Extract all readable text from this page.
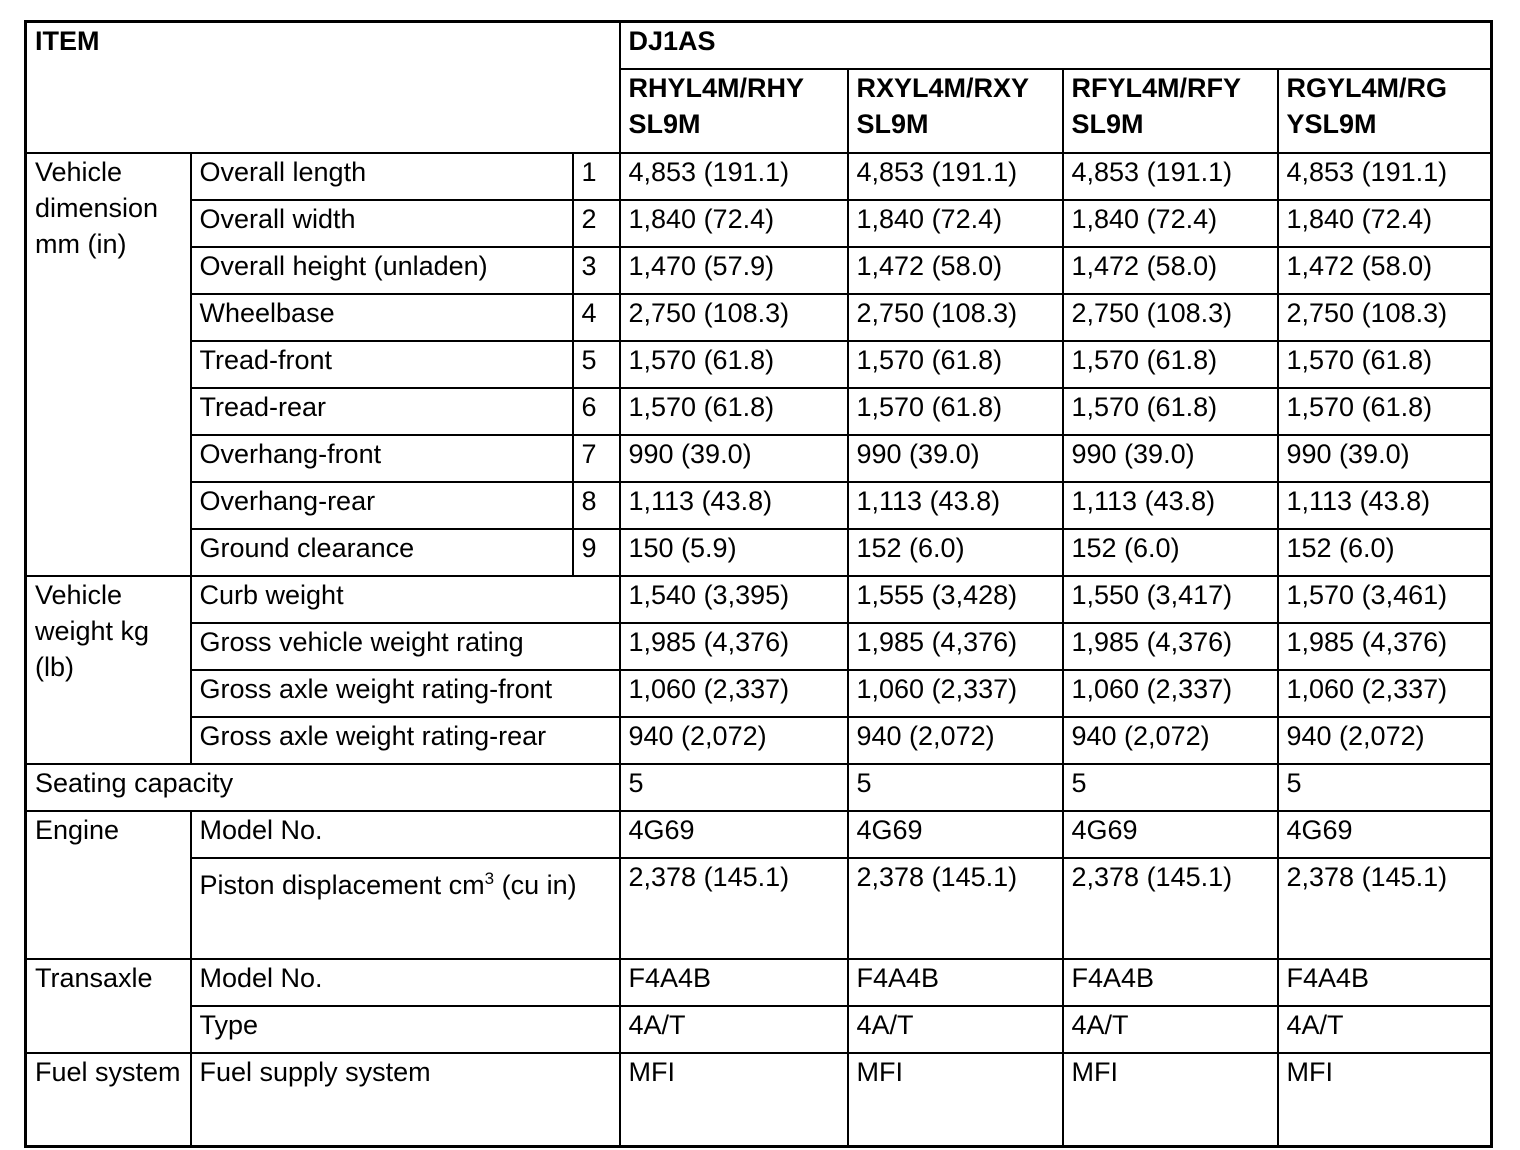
ITEM			DJ1AS			
			RHYL4M/RHY SL9M	RXYL4M/RXY SL9M	RFYL4M/RFY SL9M	RGYL4M/RG YSL9M
Vehicle dimension mm (in)	Overall length	1	4,853 (191.1)	4,853 (191.1)	4,853 (191.1)	4,853 (191.1)
	Overall width	2	1,840 (72.4)	1,840 (72.4)	1,840 (72.4)	1,840 (72.4)
	Overall height (unladen)	3	1,470 (57.9)	1,472 (58.0)	1,472 (58.0)	1,472 (58.0)
	Wheelbase	4	2,750 (108.3)	2,750 (108.3)	2,750 (108.3)	2,750 (108.3)
	Tread-front	5	1,570 (61.8)	1,570 (61.8)	1,570 (61.8)	1,570 (61.8)
	Tread-rear	6	1,570 (61.8)	1,570 (61.8)	1,570 (61.8)	1,570 (61.8)
	Overhang-front	7	990 (39.0)	990 (39.0)	990 (39.0)	990 (39.0)
	Overhang-rear	8	1,113 (43.8)	1,113 (43.8)	1,113 (43.8)	1,113 (43.8)
	Ground clearance	9	150 (5.9)	152 (6.0)	152 (6.0)	152 (6.0)
Vehicle weight kg (lb)	Curb weight		1,540 (3,395)	1,555 (3,428)	1,550 (3,417)	1,570 (3,461)
	Gross vehicle weight rating		1,985 (4,376)	1,985 (4,376)	1,985 (4,376)	1,985 (4,376)
	Gross axle weight rating-front		1,060 (2,337)	1,060 (2,337)	1,060 (2,337)	1,060 (2,337)
	Gross axle weight rating-rear		940 (2,072)	940 (2,072)	940 (2,072)	940 (2,072)
Seating capacity			5	5	5	5
Engine	Model No.		4G69	4G69	4G69	4G69
	Piston displacement $cm^3$ (cu in)		2,378 (145.1)	2,378 (145.1)	2,378 (145.1)	2,378 (145.1)
Transaxle	Model No.		F4A4B	F4A4B	F4A4B	F4A4B
	Type		4A/T	4A/T	4A/T	4A/T
Fuel system	Fuel supply system		MFI	MFI	MFI	MFI
